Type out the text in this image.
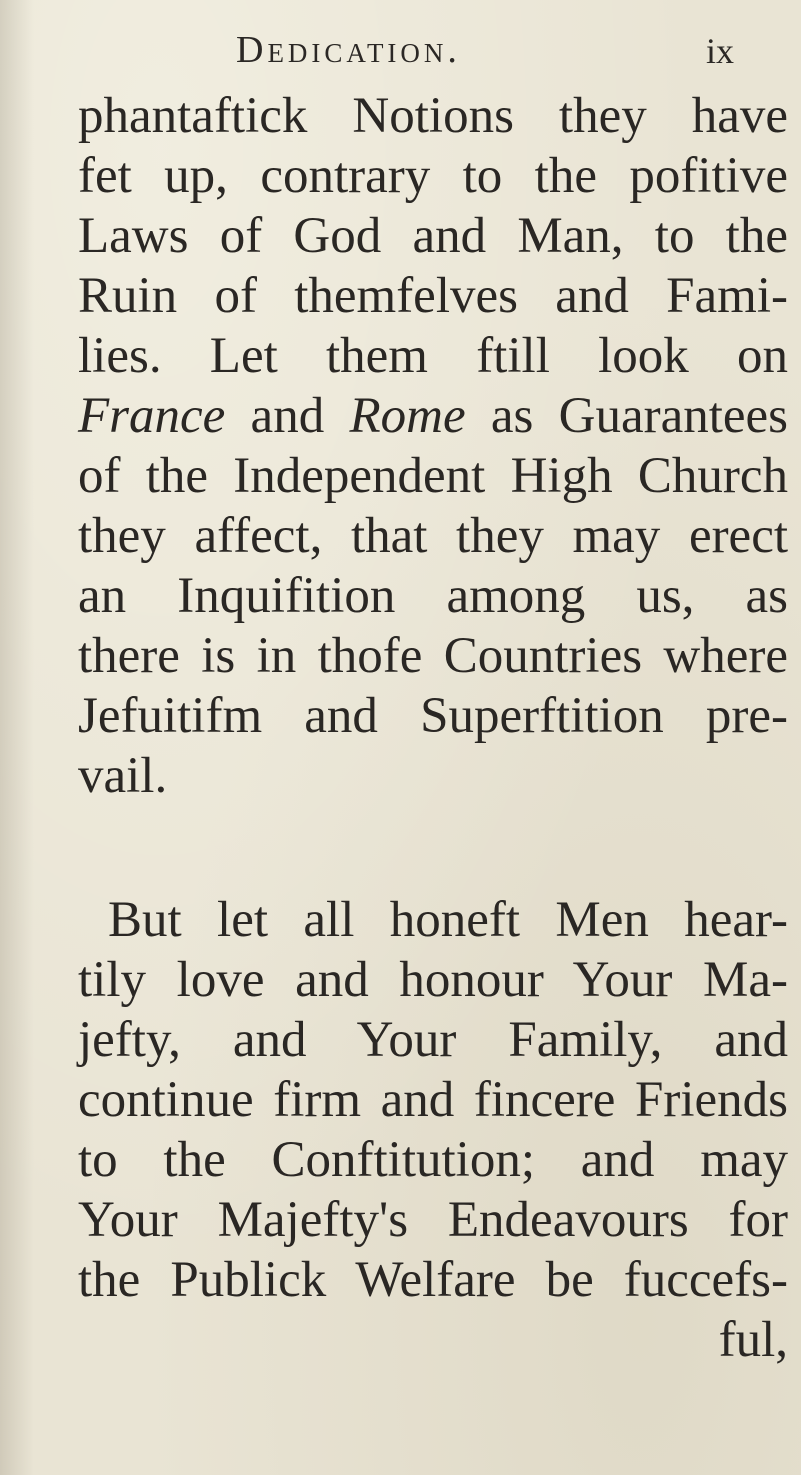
Dedication.	ix
phantaftick Notions they have
fet up, contrary to the pofitive
Laws of God and Man, to the
Ruin of themfelves and Fami-
lies. Let them ftill look on
France and Rome as Guarantees
of the Independent High Church
they affect, that they may erect
an Inquifition among us, as
there is in thofe Countries where
Jefuitifm and Superftition pre-
vail.
But let all honeft Men hear-
tily love and honour Your Ma-
jefty, and Your Family, and
continue firm and fincere Friends
to the Conftitution; and may
Your Majefty's Endeavours for
the Publick Welfare be fuccefs-
ful,
